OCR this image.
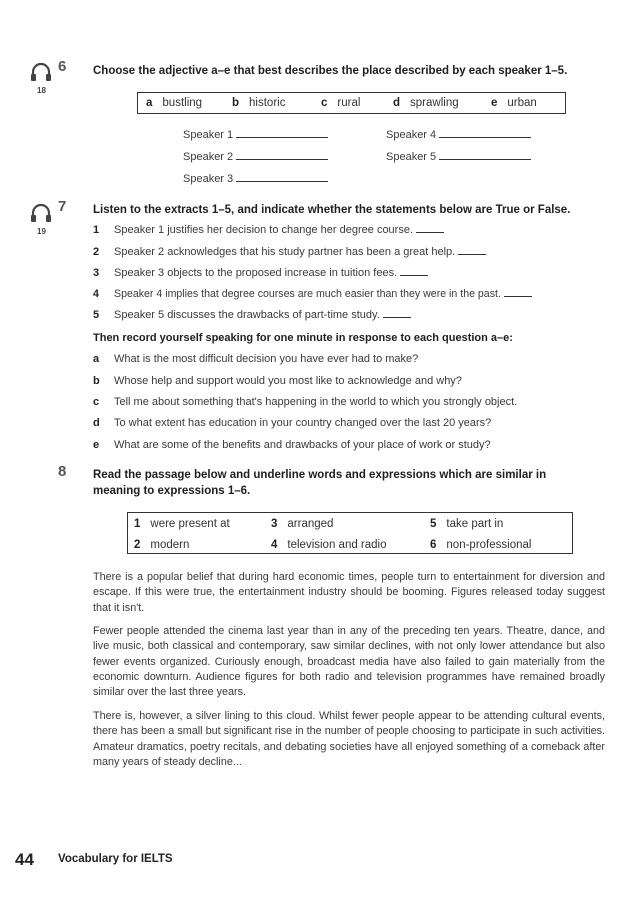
6
18
Choose the adjective a–e that best describes the place described by each speaker 1–5.
a bustling	b historic	c rural	d sprawling	e urban
Speaker 1
Speaker 2
Speaker 3
Speaker 4
Speaker 5
7
19
Listen to the extracts 1–5, and indicate whether the statements below are True or False.
1 Speaker 1 justifies her decision to change her degree course.
2 Speaker 2 acknowledges that his study partner has been a great help.
3 Speaker 3 objects to the proposed increase in tuition fees.
4 Speaker 4 implies that degree courses are much easier than they were in the past.
5 Speaker 5 discusses the drawbacks of part-time study.
Then record yourself speaking for one minute in response to each question a–e:
a What is the most difficult decision you have ever had to make?
b Whose help and support would you most like to acknowledge and why?
c Tell me about something that's happening in the world to which you strongly object.
d To what extent has education in your country changed over the last 20 years?
e What are some of the benefits and drawbacks of your place of work or study?
8 Read the passage below and underline words and expressions which are similar in
meaning to expressions 1–6.
1 were present at	3 arranged	5 take part in
2 modern	4 television and radio	6 non-professional
There is a popular belief that during hard economic times, people turn to entertainment for diversion and escape. If this were true, the entertainment industry should be booming. Figures released today suggest that it isn't.
Fewer people attended the cinema last year than in any of the preceding ten years. Theatre, dance, and live music, both classical and contemporary, saw similar declines, with not only lower attendance but also fewer events organized. Curiously enough, broadcast media have also failed to gain materially from the economic downturn. Audience figures for both radio and television programmes have remained broadly similar over the last three years.
There is, however, a silver lining to this cloud. Whilst fewer people appear to be attending cultural events, there has been a small but significant rise in the number of people choosing to participate in such activities. Amateur dramatics, poetry recitals, and debating societies have all enjoyed something of a comeback after many years of steady decline...
44 Vocabulary for IELTS
